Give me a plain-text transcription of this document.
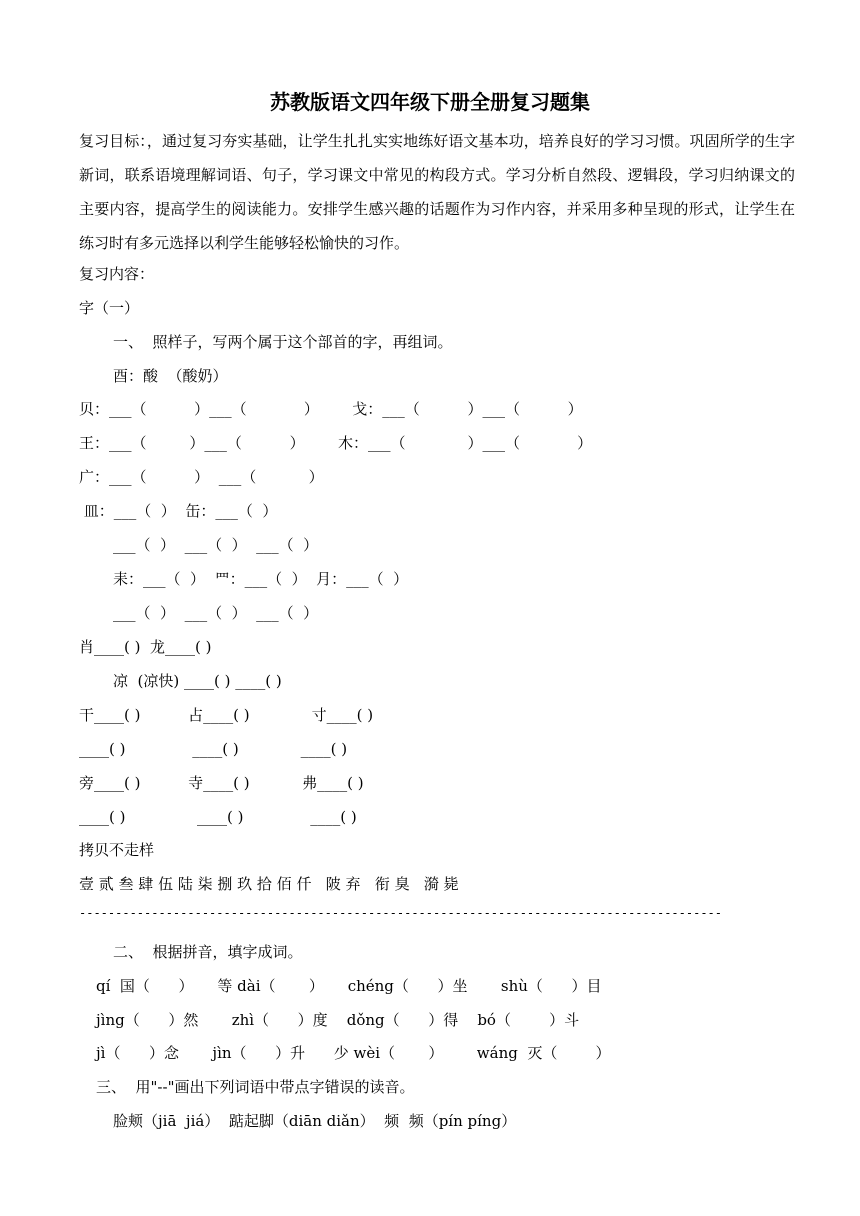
苏教版语文四年级下册全册复习题集
复习目标：，通过复习夯实基础，让学生扎扎实实地练好语文基本功，培养良好的学习习惯。巩固所学的生字新词，联系语境理解词语、句子，学习课文中常见的构段方式。学习分析自然段、逻辑段，学习归纳课文的主要内容，提高学生的阅读能力。安排学生感兴趣的话题作为习作内容，并采用多种呈现的形式，让学生在练习时有多元选择以利学生能够轻松愉快的习作。
复习内容：
字（一）
一、  照样子，写两个属于这个部首的字，再组词。
酉：酸  （酸奶）
贝：___（          ）___（            ）       戈：___（          ）___（          ）
王：___（         ）___（          ）       木：___（             ）___（            ）
广：___（          ）  ___（           ）
皿：___（  ）  缶：___（  ）
___（  ）  ___（  ）  ___（  ）
耒：___（  ）  罒：___（  ）  月：___（  ）
___（  ）  ___（  ）  ___（  ）
肖____( )  龙____( )
凉  (凉快) ____( ) ____( )
干____( )          占____( )             寸____( )
____( )              ____( )             ____( )
旁____( )          寺____( )           弗____( )
____( )               ____( )              ____( )
拷贝不走样
壹 贰 叁 肆 伍 陆 柒 捌 玖 拾 佰 仟   陂 弃   衔 臭   漪 毙
-----------------------------------------------------------------------------------------
二、  根据拼音，填字成词。
qí  国（      ）     等 dài（       ）     chéng（      ）坐       shù（      ）目
jìng（      ）然       zhì（      ）度    dǒng（      ）得    bó（        ）斗
jì（      ）念       jìn（      ）升      少 wèi（       ）       wáng  灭（        ）
三、  用"--"画出下列词语中带点字错误的读音。
脸颊（jiā  jiá）  踮起脚（diān diǎn）  频  频（pín píng）
